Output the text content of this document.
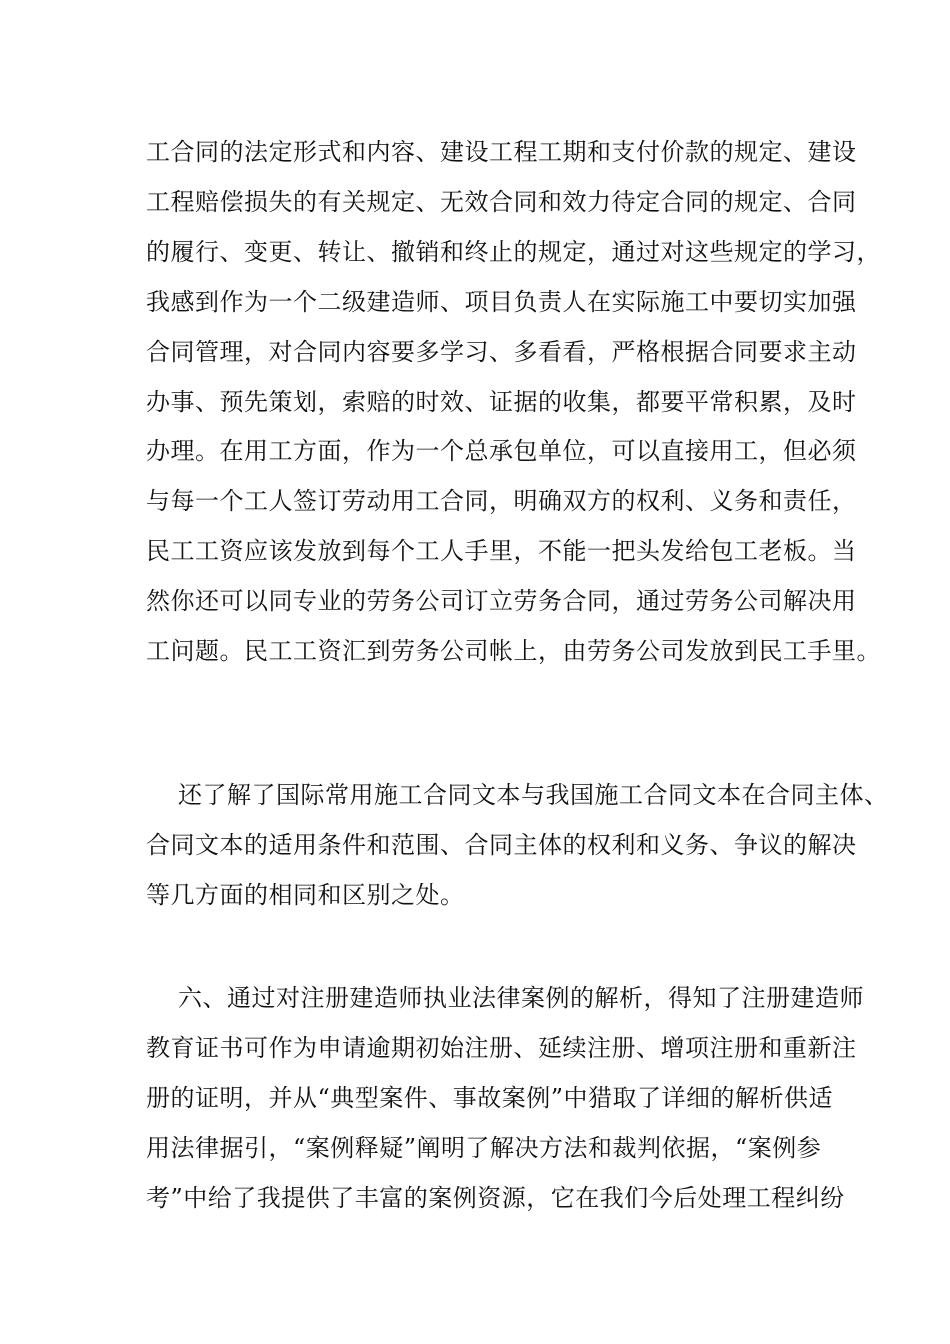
工合同的法定形式和内容、建设工程工期和支付价款的规定、建设
工程赔偿损失的有关规定、无效合同和效力待定合同的规定、合同
的履行、变更、转让、撤销和终止的规定，通过对这些规定的学习，
我感到作为一个二级建造师、项目负责人在实际施工中要切实加强
合同管理，对合同内容要多学习、多看看，严格根据合同要求主动
办事、预先策划，索赔的时效、证据的收集，都要平常积累，及时
办理。在用工方面，作为一个总承包单位，可以直接用工，但必须
与每一个工人签订劳动用工合同，明确双方的权利、义务和责任，
民工工资应该发放到每个工人手里，不能一把头发给包工老板。当
然你还可以同专业的劳务公司订立劳务合同，通过劳务公司解决用
工问题。民工工资汇到劳务公司帐上，由劳务公司发放到民工手里。
还了解了国际常用施工合同文本与我国施工合同文本在合同主体、
合同文本的适用条件和范围、合同主体的权利和义务、争议的解决
等几方面的相同和区别之处。
六、通过对注册建造师执业法律案例的解析，得知了注册建造师
教育证书可作为申请逾期初始注册、延续注册、增项注册和重新注
册的证明，并从“典型案件、事故案例”中猎取了详细的解析供适
用法律据引，“案例释疑”阐明了解决方法和裁判依据，“案例参
考”中给了我提供了丰富的案例资源，它在我们今后处理工程纠纷
